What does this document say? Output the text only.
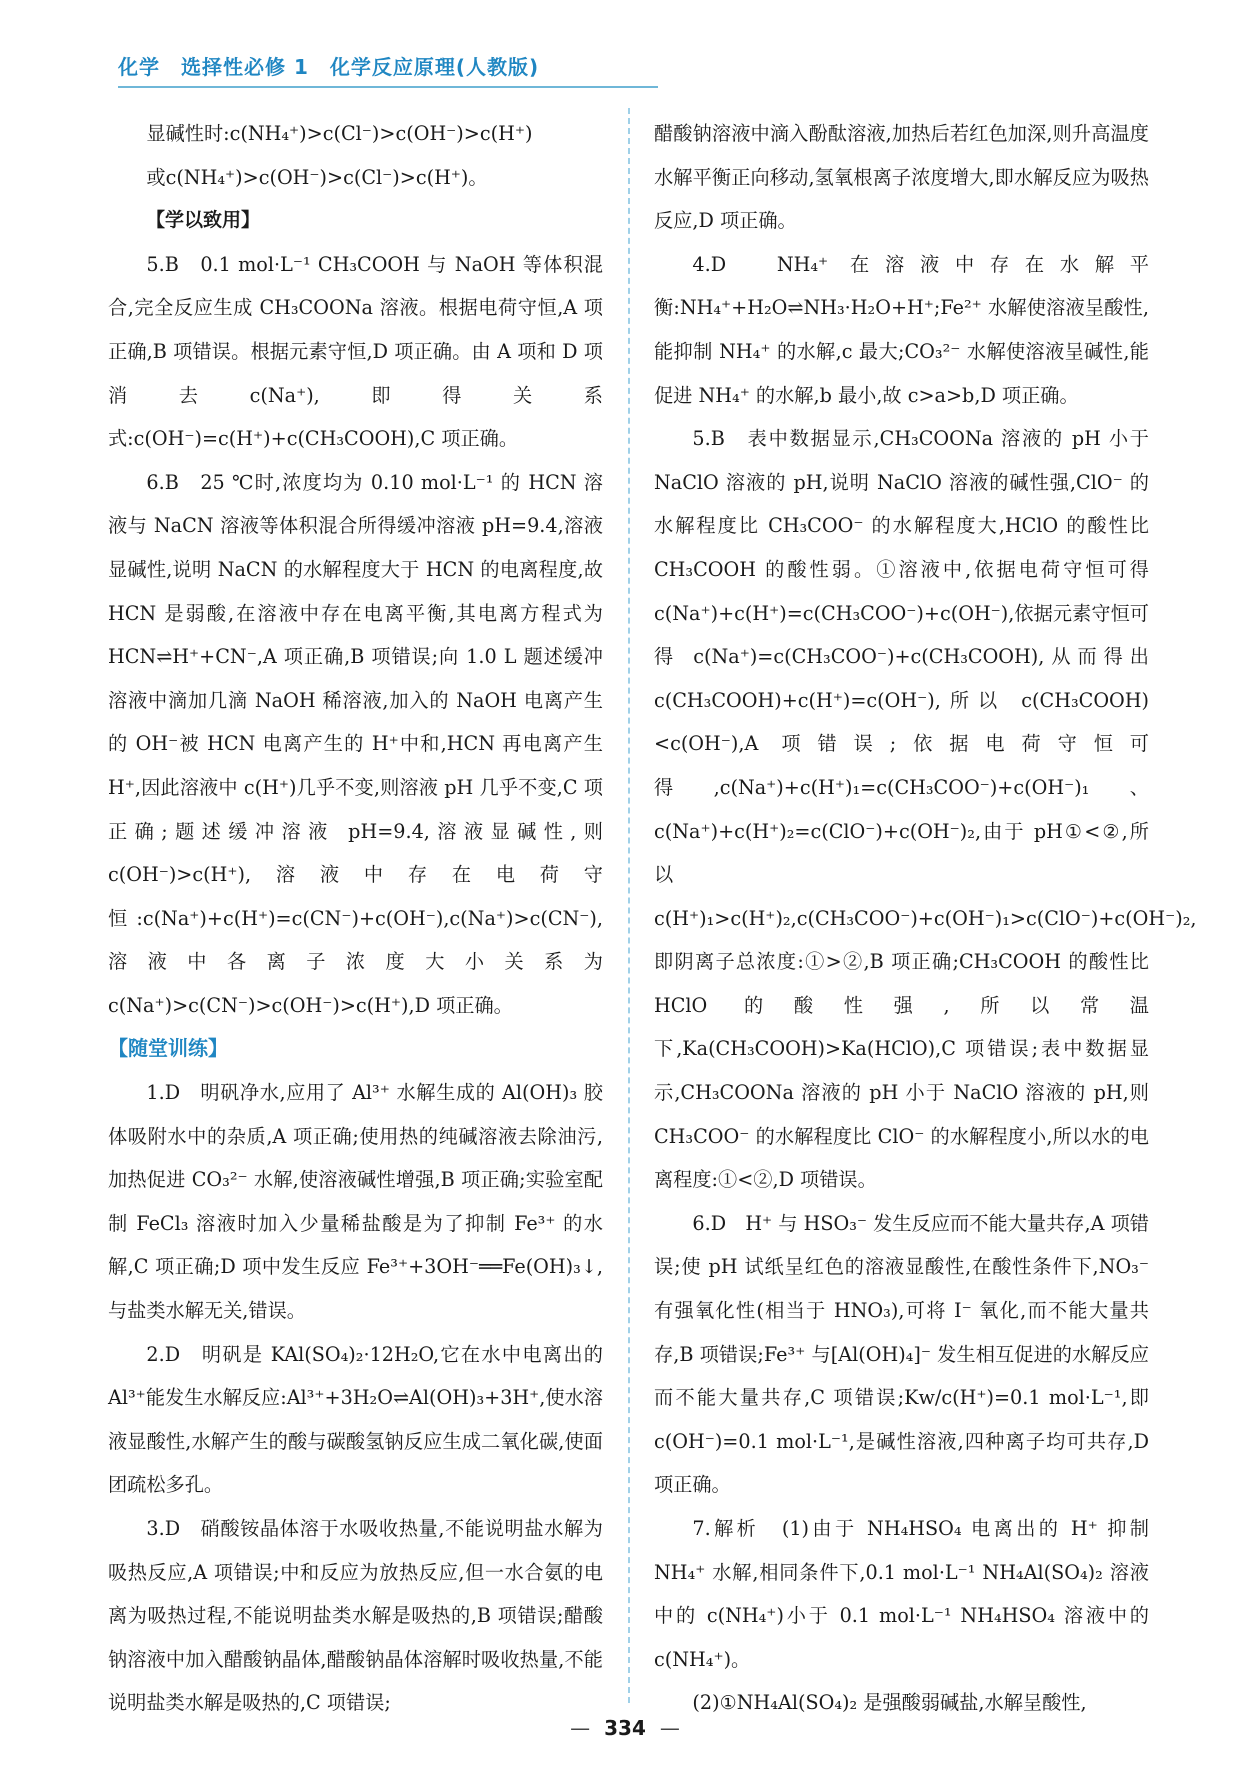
化学　选择性必修 1　化学反应原理(人教版)

显碱性时:c(NH₄⁺)>c(Cl⁻)>c(OH⁻)>c(H⁺)
或c(NH₄⁺)>c(OH⁻)>c(Cl⁻)>c(H⁺)。

【学以致用】

5.B　0.1 mol·L⁻¹ CH₃COOH 与 NaOH 等体积混合,完全反应生成 CH₃COONa 溶液。根据电荷守恒,A 项正确,B 项错误。根据元素守恒,D 项正确。由 A 项和 D 项消去c(Na⁺),即得关系式:c(OH⁻)=c(H⁺)+c(CH₃COOH),C 项正确。

6.B　25 ℃时,浓度均为 0.10 mol·L⁻¹ 的 HCN 溶液与 NaCN 溶液等体积混合所得缓冲溶液 pH=9.4,溶液显碱性,说明 NaCN 的水解程度大于 HCN 的电离程度,故 HCN 是弱酸,在溶液中存在电离平衡,其电离方程式为 HCN⇌H⁺+CN⁻,A 项正确,B 项错误;向 1.0 L 题述缓冲溶液中滴加几滴 NaOH 稀溶液,加入的 NaOH 电离产生的 OH⁻被 HCN 电离产生的 H⁺中和,HCN 再电离产生 H⁺,因此溶液中 c(H⁺)几乎不变,则溶液 pH 几乎不变,C 项正确;题述缓冲溶液 pH=9.4,溶液显碱性,则 c(OH⁻)>c(H⁺),溶液中存在电荷守恒:c(Na⁺)+c(H⁺)=c(CN⁻)+c(OH⁻),c(Na⁺)>c(CN⁻),溶液中各离子浓度大小关系为 c(Na⁺)>c(CN⁻)>c(OH⁻)>c(H⁺),D 项正确。

【随堂训练】

1.D　明矾净水,应用了 Al³⁺ 水解生成的 Al(OH)₃ 胶体吸附水中的杂质,A 项正确;使用热的纯碱溶液去除油污,加热促进 CO₃²⁻ 水解,使溶液碱性增强,B 项正确;实验室配制 FeCl₃ 溶液时加入少量稀盐酸是为了抑制 Fe³⁺ 的水解,C 项正确;D 项中发生反应 Fe³⁺+3OH⁻══Fe(OH)₃↓,与盐类水解无关,错误。

2.D　明矾是 KAl(SO₄)₂·12H₂O,它在水中电离出的 Al³⁺能发生水解反应:Al³⁺+3H₂O⇌Al(OH)₃+3H⁺,使水溶液显酸性,水解产生的酸与碳酸氢钠反应生成二氧化碳,使面团疏松多孔。

3.D　硝酸铵晶体溶于水吸收热量,不能说明盐水解为吸热反应,A 项错误;中和反应为放热反应,但一水合氨的电离为吸热过程,不能说明盐类水解是吸热的,B 项错误;醋酸钠溶液中加入醋酸钠晶体,醋酸钠晶体溶解时吸收热量,不能说明盐类水解是吸热的,C 项错误;

醋酸钠溶液中滴入酚酞溶液,加热后若红色加深,则升高温度水解平衡正向移动,氢氧根离子浓度增大,即水解反应为吸热反应,D 项正确。

4.D　NH₄⁺ 在溶液中存在水解平衡:NH₄⁺+H₂O⇌NH₃·H₂O+H⁺;Fe²⁺ 水解使溶液呈酸性,能抑制 NH₄⁺ 的水解,c 最大;CO₃²⁻ 水解使溶液呈碱性,能促进 NH₄⁺ 的水解,b 最小,故 c>a>b,D 项正确。

5.B　表中数据显示,CH₃COONa 溶液的 pH 小于 NaClO 溶液的 pH,说明 NaClO 溶液的碱性强,ClO⁻ 的水解程度比 CH₃COO⁻ 的水解程度大,HClO 的酸性比 CH₃COOH 的酸性弱。①溶液中,依据电荷守恒可得 c(Na⁺)+c(H⁺)=c(CH₃COO⁻)+c(OH⁻),依据元素守恒可得 c(Na⁺)=c(CH₃COO⁻)+c(CH₃COOH),从而得出 c(CH₃COOH)+c(H⁺)=c(OH⁻),所以 c(CH₃COOH)<c(OH⁻),A 项错误;依据电荷守恒可得,c(Na⁺)+c(H⁺)₁=c(CH₃COO⁻)+c(OH⁻)₁、c(Na⁺)+c(H⁺)₂=c(ClO⁻)+c(OH⁻)₂,由于 pH①<②,所以 c(H⁺)₁>c(H⁺)₂,c(CH₃COO⁻)+c(OH⁻)₁>c(ClO⁻)+c(OH⁻)₂,即阴离子总浓度:①>②,B 项正确;CH₃COOH 的酸性比 HClO 的酸性强,所以常温下,Ka(CH₃COOH)>Ka(HClO),C 项错误;表中数据显示,CH₃COONa 溶液的 pH 小于 NaClO 溶液的 pH,则 CH₃COO⁻ 的水解程度比 ClO⁻ 的水解程度小,所以水的电离程度:①<②,D 项错误。

6.D　H⁺ 与 HSO₃⁻ 发生反应而不能大量共存,A 项错误;使 pH 试纸呈红色的溶液显酸性,在酸性条件下,NO₃⁻ 有强氧化性(相当于 HNO₃),可将 I⁻ 氧化,而不能大量共存,B 项错误;Fe³⁺ 与[Al(OH)₄]⁻ 发生相互促进的水解反应而不能大量共存,C 项错误;Kw/c(H⁺)=0.1 mol·L⁻¹,即 c(OH⁻)=0.1 mol·L⁻¹,是碱性溶液,四种离子均可共存,D 项正确。

7.解析　(1)由于 NH₄HSO₄ 电离出的 H⁺ 抑制 NH₄⁺ 水解,相同条件下,0.1 mol·L⁻¹ NH₄Al(SO₄)₂ 溶液中的 c(NH₄⁺)小于 0.1 mol·L⁻¹ NH₄HSO₄ 溶液中的c(NH₄⁺)。

(2)①NH₄Al(SO₄)₂ 是强酸弱碱盐,水解呈酸性,

— 334 —
